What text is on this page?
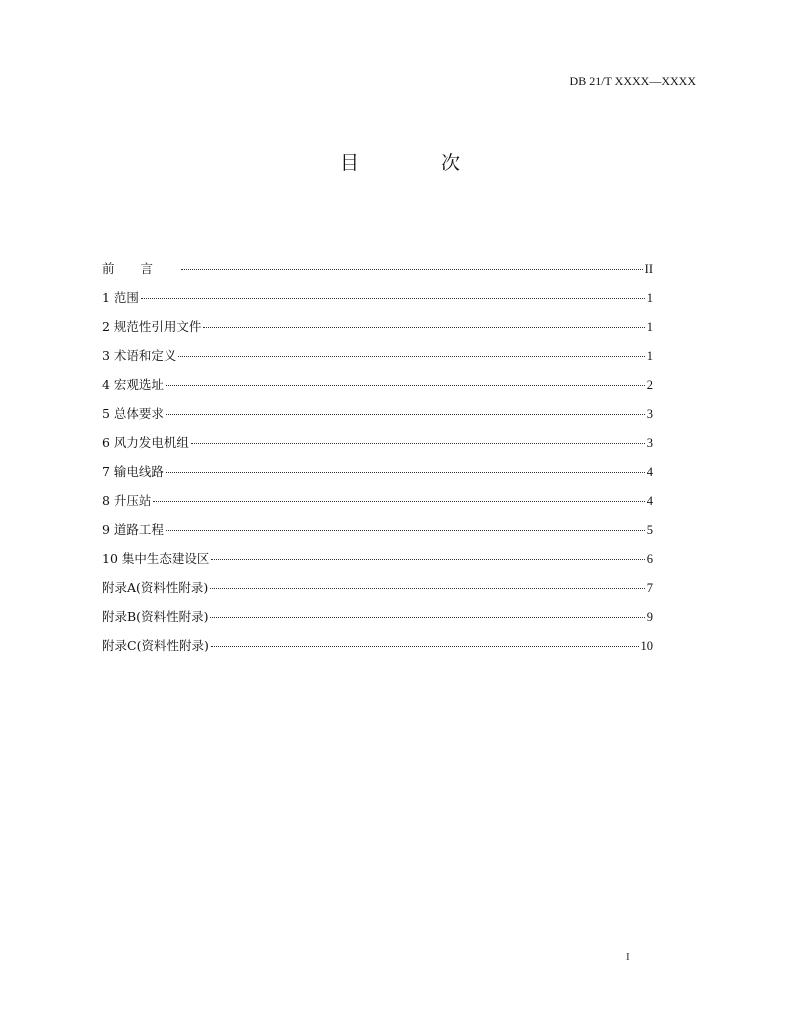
DB 21/T XXXX—XXXX
目 次
前言	II
1 范围	1
2 规范性引用文件	1
3 术语和定义	1
4 宏观选址	2
5 总体要求	3
6 风力发电机组	3
7 输电线路	4
8 升压站	4
9 道路工程	5
10 集中生态建设区	6
附录A(资料性附录)	7
附录B(资料性附录)	9
附录C(资料性附录)	10
I
